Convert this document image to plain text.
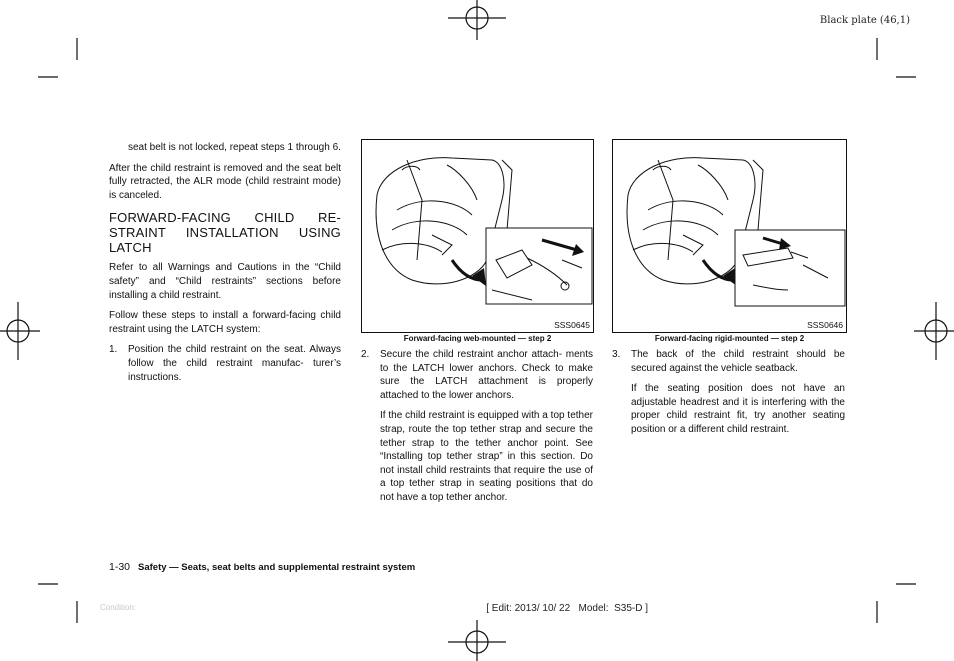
Black plate (46,1)

seat belt is not locked, repeat steps 1 through 6.

After the child restraint is removed and the seat belt fully retracted, the ALR mode (child restraint mode) is canceled.

FORWARD-FACING CHILD RE- STRAINT INSTALLATION USING LATCH

Refer to all Warnings and Cautions in the “Child safety” and “Child restraints” sections before installing a child restraint.

Follow these steps to install a forward-facing child restraint using the LATCH system:

1.	Position the child restraint on the seat. Always follow the child restraint manufac- turer’s instructions.
SSS0645
Forward-facing web-mounted — step 2
2.	Secure the child restraint anchor attach- ments to the LATCH lower anchors. Check to make sure the LATCH attachment is properly attached to the lower anchors.

If the child restraint is equipped with a top tether strap, route the top tether strap and secure the tether strap to the tether anchor point. See “Installing top tether strap” in this section. Do not install child restraints that require the use of a top tether strap in seating positions that do not have a top tether anchor.

SSS0646
Forward-facing rigid-mounted — step 2
3.	The back of the child restraint should be secured against the vehicle seatback.

If the seating position does not have an adjustable headrest and it is interfering with the proper child restraint fit, try another seating position or a different child restraint.

1-30 Safety — Seats, seat belts and supplemental restraint system
Condition:	[ Edit: 2013/ 10/ 22   Model:  S35-D ]
